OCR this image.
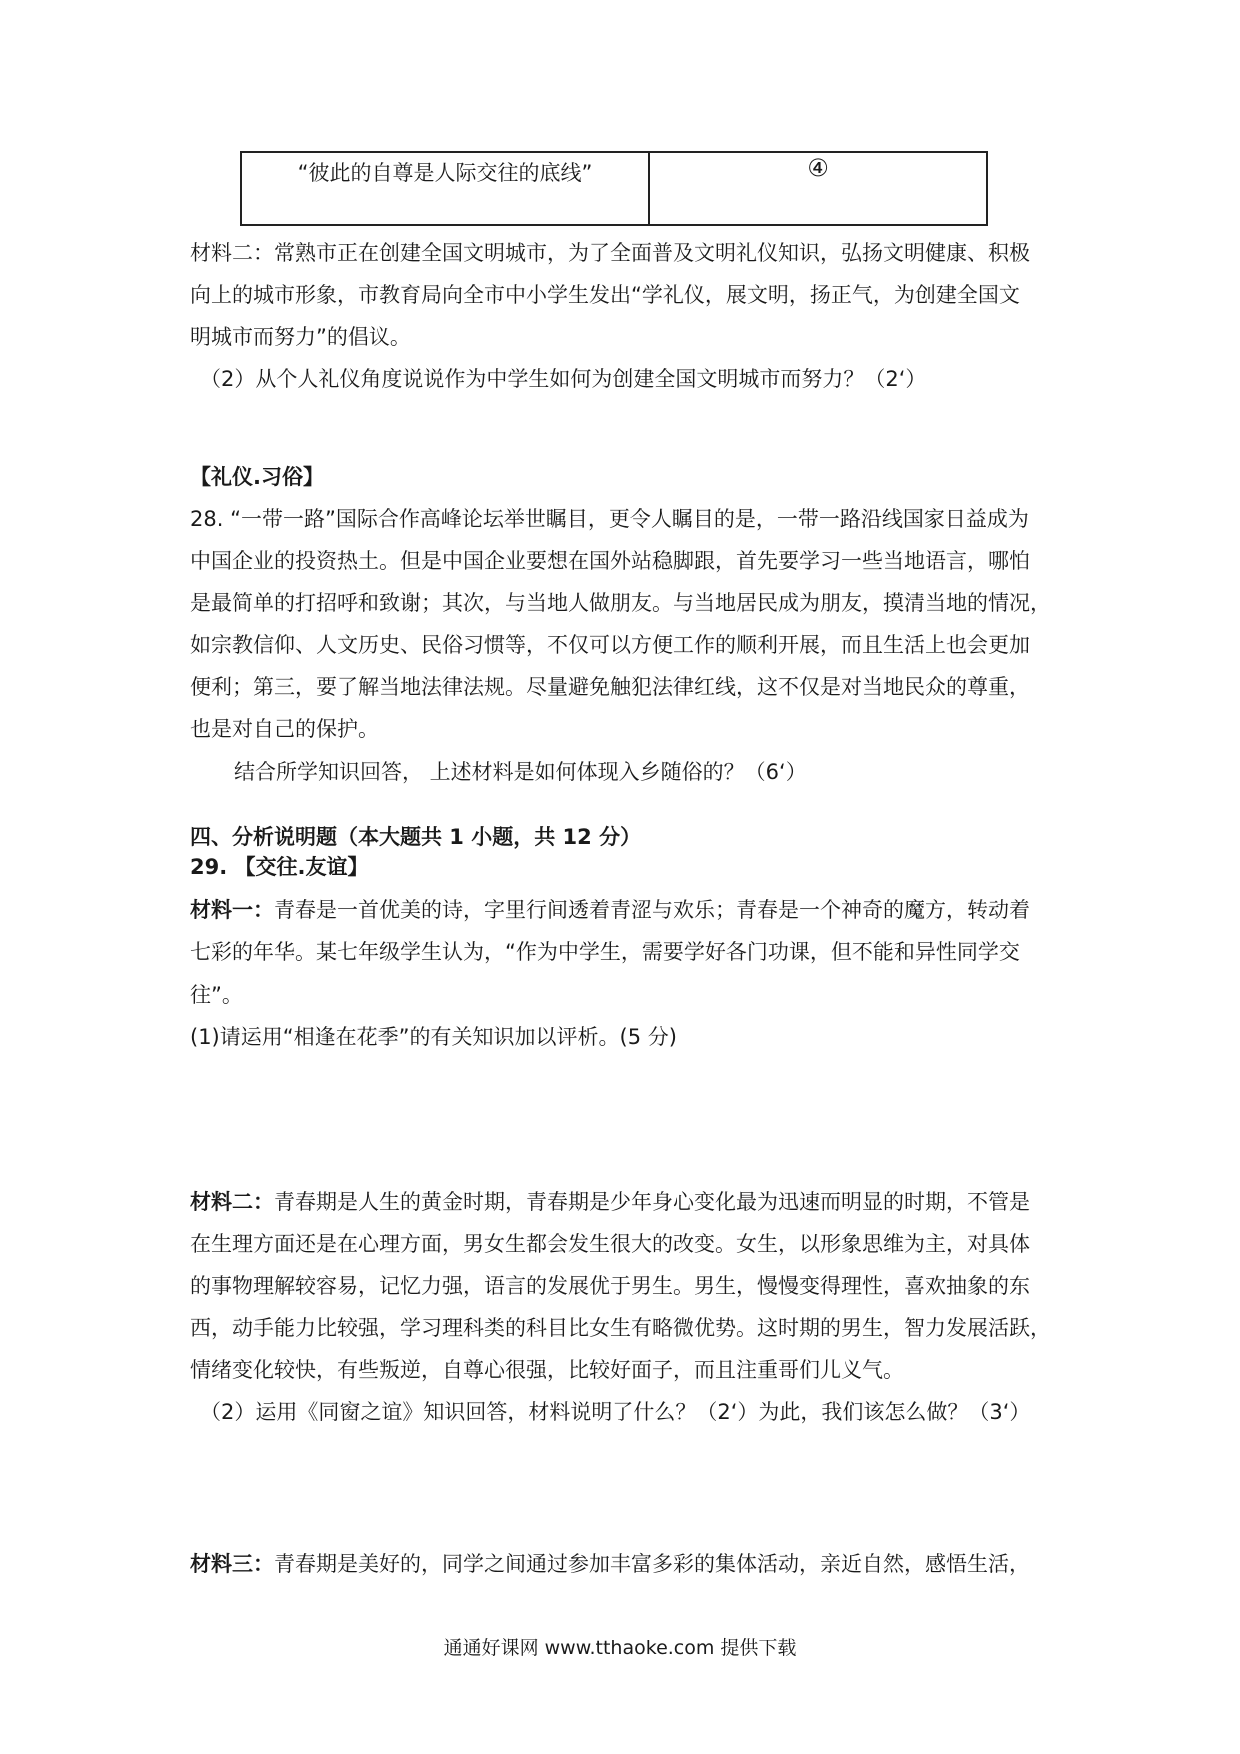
“彼此的自尊是人际交往的底线”	④
材料二：常熟市正在创建全国文明城市，为了全面普及文明礼仪知识，弘扬文明健康、积极
向上的城市形象，市教育局向全市中小学生发出“学礼仪，展文明，扬正气，为创建全国文
明城市而努力”的倡议。
（2）从个人礼仪角度说说作为中学生如何为创建全国文明城市而努力？（2‘）
【礼仪.习俗】
28. “一带一路”国际合作高峰论坛举世瞩目，更令人瞩目的是，一带一路沿线国家日益成为
中国企业的投资热土。但是中国企业要想在国外站稳脚跟，首先要学习一些当地语言，哪怕
是最简单的打招呼和致谢；其次，与当地人做朋友。与当地居民成为朋友，摸清当地的情况，
如宗教信仰、人文历史、民俗习惯等，不仅可以方便工作的顺利开展，而且生活上也会更加
便利；第三，要了解当地法律法规。尽量避免触犯法律红线，这不仅是对当地民众的尊重，
也是对自己的保护。
结合所学知识回答， 上述材料是如何体现入乡随俗的？（6‘）
四、分析说明题（本大题共 1 小题，共 12 分）
29. 【交往.友谊】
材料一：青春是一首优美的诗，字里行间透着青涩与欢乐；青春是一个神奇的魔方，转动着
七彩的年华。某七年级学生认为，“作为中学生，需要学好各门功课，但不能和异性同学交
往”。
(1)请运用“相逢在花季”的有关知识加以评析。(5 分)
材料二：青春期是人生的黄金时期，青春期是少年身心变化最为迅速而明显的时期，不管是
在生理方面还是在心理方面，男女生都会发生很大的改变。女生，以形象思维为主，对具体
的事物理解较容易，记忆力强，语言的发展优于男生。男生，慢慢变得理性，喜欢抽象的东
西，动手能力比较强，学习理科类的科目比女生有略微优势。这时期的男生，智力发展活跃，
情绪变化较快，有些叛逆，自尊心很强，比较好面子，而且注重哥们儿义气。
（2）运用《同窗之谊》知识回答，材料说明了什么？（2‘）为此，我们该怎么做？（3‘）
材料三：青春期是美好的，同学之间通过参加丰富多彩的集体活动，亲近自然，感悟生活，
通通好课网 www.tthaoke.com 提供下载
